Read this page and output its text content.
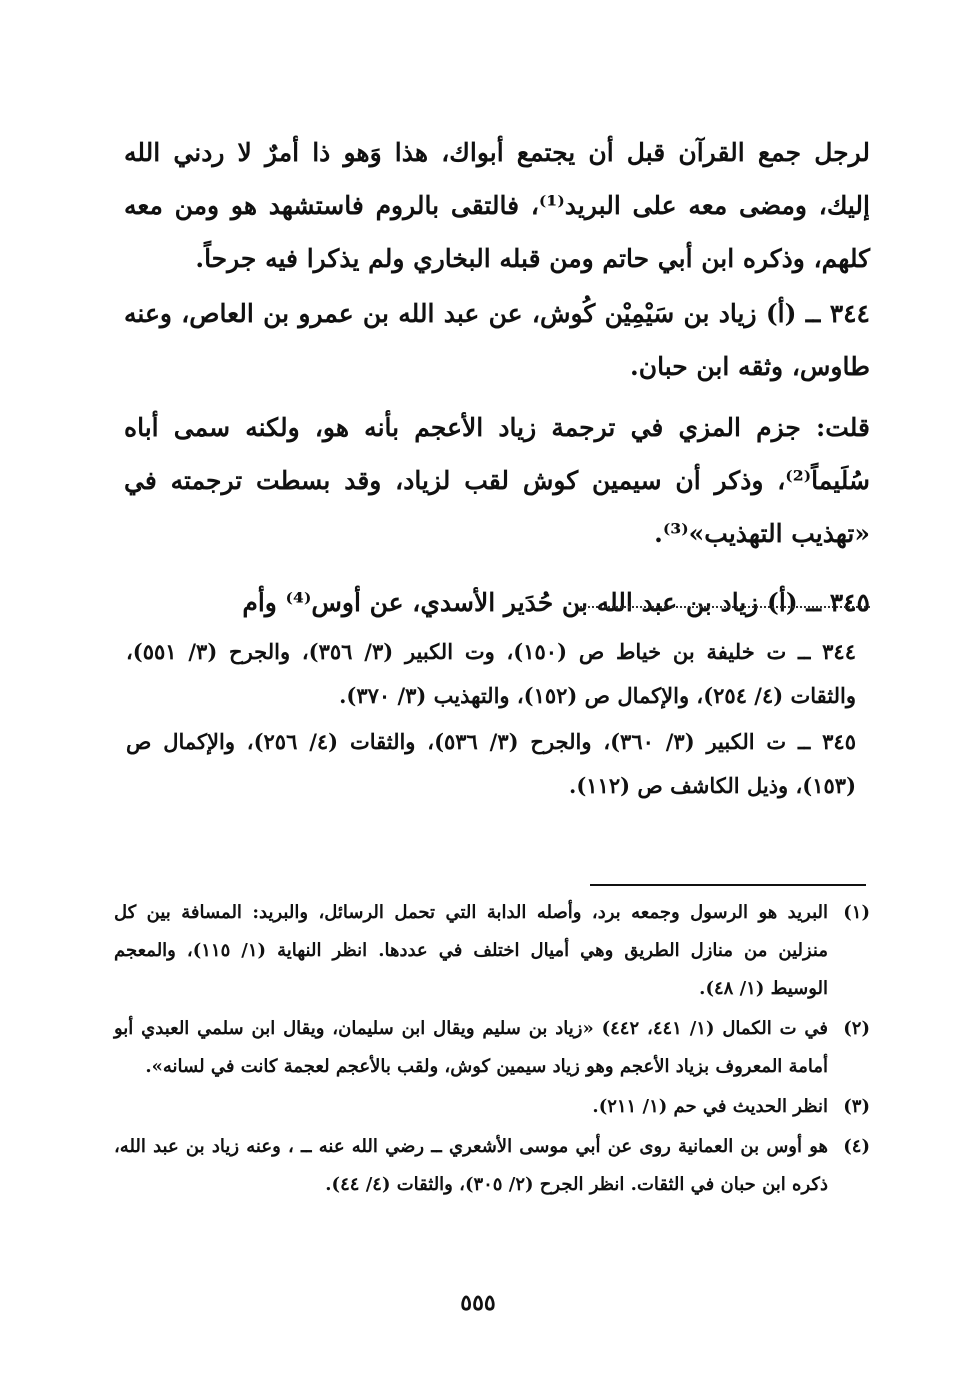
لرجل جمع القرآن قبل أن يجتمع أبواك، هذا وَهو ذا أمرٌ لا ردني الله إليك، ومضى معه على البريد⁽¹⁾، فالتقى بالروم فاستشهد هو ومن معه كلهم، وذكره ابن أبي حاتم ومن قبله البخاري ولم يذكرا فيه جرحاً.

٣٤٤ ــ (أ) زياد بن سَيْمِيْن كُوش، عن عبد الله بن عمرو بن العاص، وعنه طاوس، وثقه ابن حبان.

قلت: جزم المزي في ترجمة زياد الأعجم بأنه هو، ولكنه سمى أباه سُلَيماً⁽²⁾، وذكر أن سيمين كوش لقب لزياد، وقد بسطت ترجمته في «تهذيب التهذيب»⁽³⁾.

٣٤٥ ــ (أ) زياد بن عبد الله بن حُدَير الأسدي، عن أوس⁽⁴⁾ وأم

٣٤٤ ــ ت خليفة بن خياط ص (١٥٠)، وت الكبير (٣/ ٣٥٦)، والجرح (٣/ ٥٥١)، والثقات (٤/ ٢٥٤)، والإكمال ص (١٥٢)، والتهذيب (٣/ ٣٧٠).

٣٤٥ ــ ت الكبير (٣/ ٣٦٠)، والجرح (٣/ ٥٣٦)، والثقات (٤/ ٢٥٦)، والإكمال ص (١٥٣)، وذيل الكاشف ص (١١٢).

(١)
البريد هو الرسول وجمعه برد، وأصله الدابة التي تحمل الرسائل، والبريد: المسافة بين كل منزلين من منازل الطريق وهي أميال اختلف في عددها. انظر النهاية (١/ ١١٥)، والمعجم الوسيط (١/ ٤٨).
(٢)
في ت الكمال (١/ ٤٤١، ٤٤٢) «زياد بن سليم ويقال ابن سليمان، ويقال ابن سلمي العبدي أبو أمامة المعروف بزياد الأعجم وهو زياد سيمين كوش، ولقب بالأعجم لعجمة كانت في لسانه».
(٣)
انظر الحديث في حم (١/ ٢١١).
(٤)
هو أوس بن العمانية روى عن أبي موسى الأشعري ــ رضي الله عنه ــ ، وعنه زياد بن عبد الله، ذكره ابن حبان في الثقات. انظر الجرح (٢/ ٣٠٥)، والثقات (٤/ ٤٤).
٥٥٥
